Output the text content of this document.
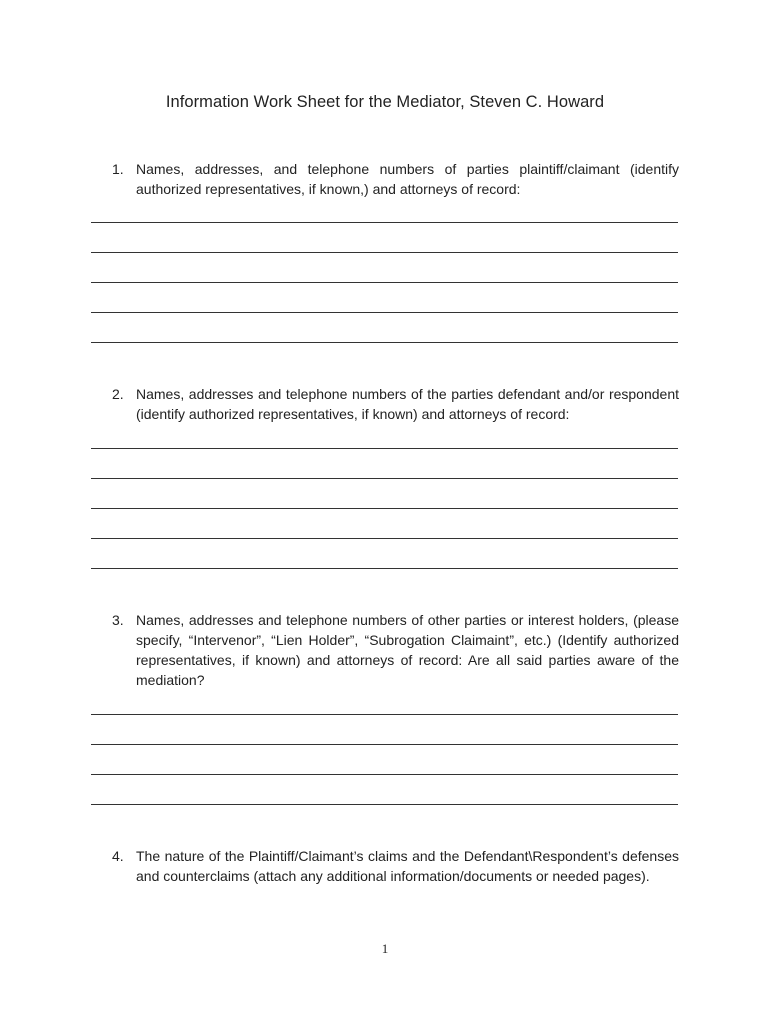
Information Work Sheet for the Mediator, Steven C. Howard
1. Names, addresses, and telephone numbers of parties plaintiff/claimant (identify authorized representatives, if known,) and attorneys of record:
2. Names, addresses and telephone numbers of the parties defendant and/or respondent (identify authorized representatives, if known) and attorneys of record:
3. Names, addresses and telephone numbers of other parties or interest holders, (please specify, “Intervenor”, “Lien Holder”, “Subrogation Claimaint”, etc.) (Identify authorized representatives, if known) and attorneys of record: Are all said parties aware of the mediation?
4. The nature of the Plaintiff/Claimant’s claims and the Defendant\Respondent’s defenses and counterclaims (attach any additional information/documents or needed pages).
1
